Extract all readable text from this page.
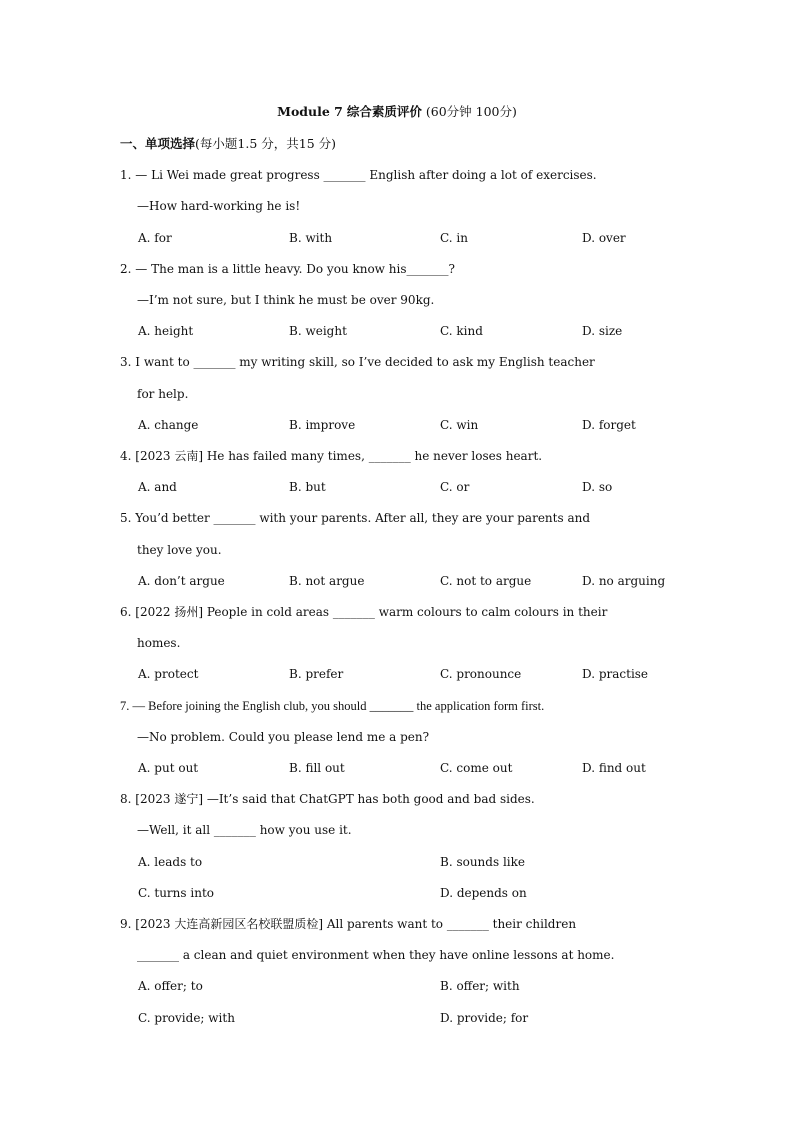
Module 7 综合素质评价 (60分钟 100分)
一、单项选择(每小题1.5 分，共15 分)
1. — Li Wei made great progress _______ English after doing a lot of exercises.
—How hard-working he is!
A. for	B. with	C. in	D. over
2. — The man is a little heavy. Do you know his_______?
—I’m not sure, but I think he must be over 90kg.
A. height	B. weight	C. kind	D. size
3. I want to _______ my writing skill, so I’ve decided to ask my English teacher
for help.
A. change	B. improve	C. win	D. forget
4. [2023 云南] He has failed many times, _______ he never loses heart.
A. and	B. but	C. or	D. so
5. You’d better _______ with your parents. After all, they are your parents and
they love you.
A. don’t argue	B. not argue	C. not to argue	D. no arguing
6. [2022 扬州] People in cold areas _______ warm colours to calm colours in their
homes.
A. protect	B. prefer	C. pronounce	D. practise
7. — Before joining the English club, you should _______ the application form first.
—No problem. Could you please lend me a pen?
A. put out	B. fill out	C. come out	D. find out
8. [2023 遂宁] —It’s said that ChatGPT has both good and bad sides.
—Well, it all _______ how you use it.
A. leads to	B. sounds like
C. turns into	D. depends on
9. [2023 大连高新园区名校联盟质检] All parents want to _______ their children
_______ a clean and quiet environment when they have online lessons at home.
A. offer; to	B. offer; with
C. provide; with	D. provide; for
